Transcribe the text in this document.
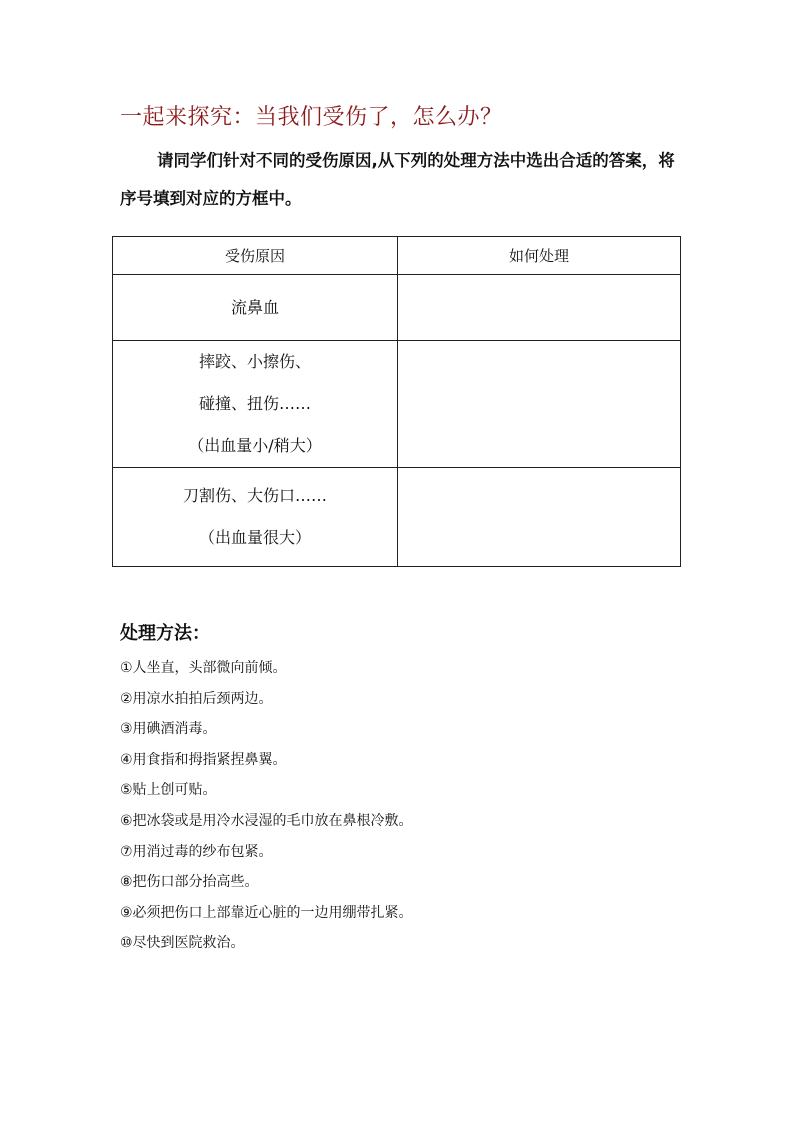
一起来探究：当我们受伤了，怎么办？
请同学们针对不同的受伤原因,从下列的处理方法中选出合适的答案，将序号填到对应的方框中。
受伤原因	如何处理

流鼻血	

摔跤、小擦伤、
碰撞、扭伤……
（出血量小/稍大）	

刀割伤、大伤口……
（出血量很大）	

处理方法：
①人坐直，头部微向前倾。
②用凉水拍拍后颈两边。
③用碘酒消毒。
④用食指和拇指紧捏鼻翼。
⑤贴上创可贴。
⑥把冰袋或是用冷水浸湿的毛巾放在鼻根冷敷。
⑦用消过毒的纱布包紧。
⑧把伤口部分抬高些。
⑨必须把伤口上部靠近心脏的一边用绷带扎紧。
⑩尽快到医院救治。
